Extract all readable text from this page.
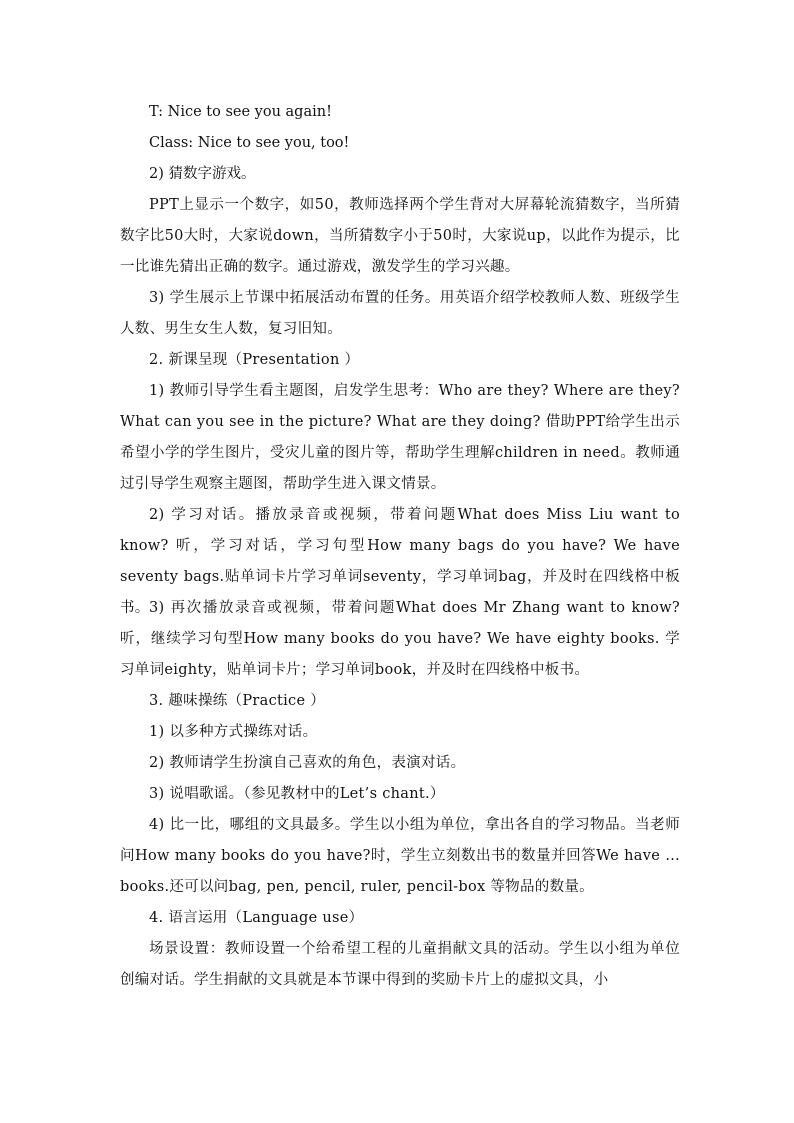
T: Nice to see you again!

Class: Nice to see you, too!

2) 猜数字游戏。

PPT上显示一个数字，如50，教师选择两个学生背对大屏幕轮流猜数字，当所猜数字比50大时，大家说down，当所猜数字小于50时，大家说up，以此作为提示，比一比谁先猜出正确的数字。通过游戏，激发学生的学习兴趣。

3) 学生展示上节课中拓展活动布置的任务。用英语介绍学校教师人数、班级学生人数、男生女生人数，复习旧知。

2. 新课呈现（Presentation ）

1) 教师引导学生看主题图，启发学生思考：Who are they? Where are they? What can you see in the picture? What are they doing? 借助PPT给学生出示希望小学的学生图片，受灾儿童的图片等，帮助学生理解children in need。教师通过引导学生观察主题图，帮助学生进入课文情景。

2) 学习对话。播放录音或视频，带着问题What does Miss Liu want to know? 听，学习对话，学习句型How many bags do you have? We have seventy bags.贴单词卡片学习单词seventy，学习单词bag，并及时在四线格中板书。 3) 再次播放录音或视频，带着问题What does Mr Zhang want to know? 听，继续学习句型How many books do you have? We have eighty books. 学习单词eighty，贴单词卡片；学习单词book，并及时在四线格中板书。

3. 趣味操练（Practice ）

1) 以多种方式操练对话。

2) 教师请学生扮演自己喜欢的角色，表演对话。

3) 说唱歌谣。（参见教材中的Let’s chant.）

4) 比一比，哪组的文具最多。学生以小组为单位，拿出各自的学习物品。当老师问How many books do you have?时，学生立刻数出书的数量并回答We have … books.还可以问bag, pen, pencil, ruler, pencil-box 等物品的数量。

4. 语言运用（Language use）

场景设置：教师设置一个给希望工程的儿童捐献文具的活动。学生以小组为单位创编对话。学生捐献的文具就是本节课中得到的奖励卡片上的虚拟文具，小
